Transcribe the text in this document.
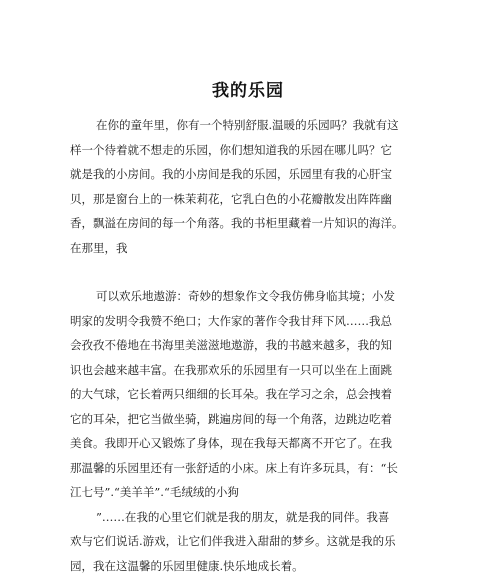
我的乐园
在你的童年里，你有一个特别舒服.温暖的乐园吗？我就有这
样一个待着就不想走的乐园，你们想知道我的乐园在哪儿吗？它
就是我的小房间。我的小房间是我的乐园，乐园里有我的心肝宝
贝，那是窗台上的一株茉莉花，它乳白色的小花瓣散发出阵阵幽
香，飘溢在房间的每一个角落。我的书柜里藏着一片知识的海洋。
在那里，我
可以欢乐地遨游：奇妙的想象作文令我仿佛身临其境；小发
明家的发明令我赞不绝口；大作家的著作令我甘拜下风……我总
会孜孜不倦地在书海里美滋滋地遨游，我的书越来越多，我的知
识也会越来越丰富。在我那欢乐的乐园里有一只可以坐在上面跳
的大气球，它长着两只细细的长耳朵。我在学习之余，总会拽着
它的耳朵，把它当做坐骑，跳遍房间的每一个角落，边跳边吃着
美食。我即开心又锻炼了身体，现在我每天都离不开它了。在我
那温馨的乐园里还有一张舒适的小床。床上有许多玩具，有：“长
江七号”.“美羊羊”.“毛绒绒的小狗
”……在我的心里它们就是我的朋友，就是我的同伴。我喜
欢与它们说话.游戏，让它们伴我进入甜甜的梦乡。这就是我的乐
园，我在这温馨的乐园里健康.快乐地成长着。
